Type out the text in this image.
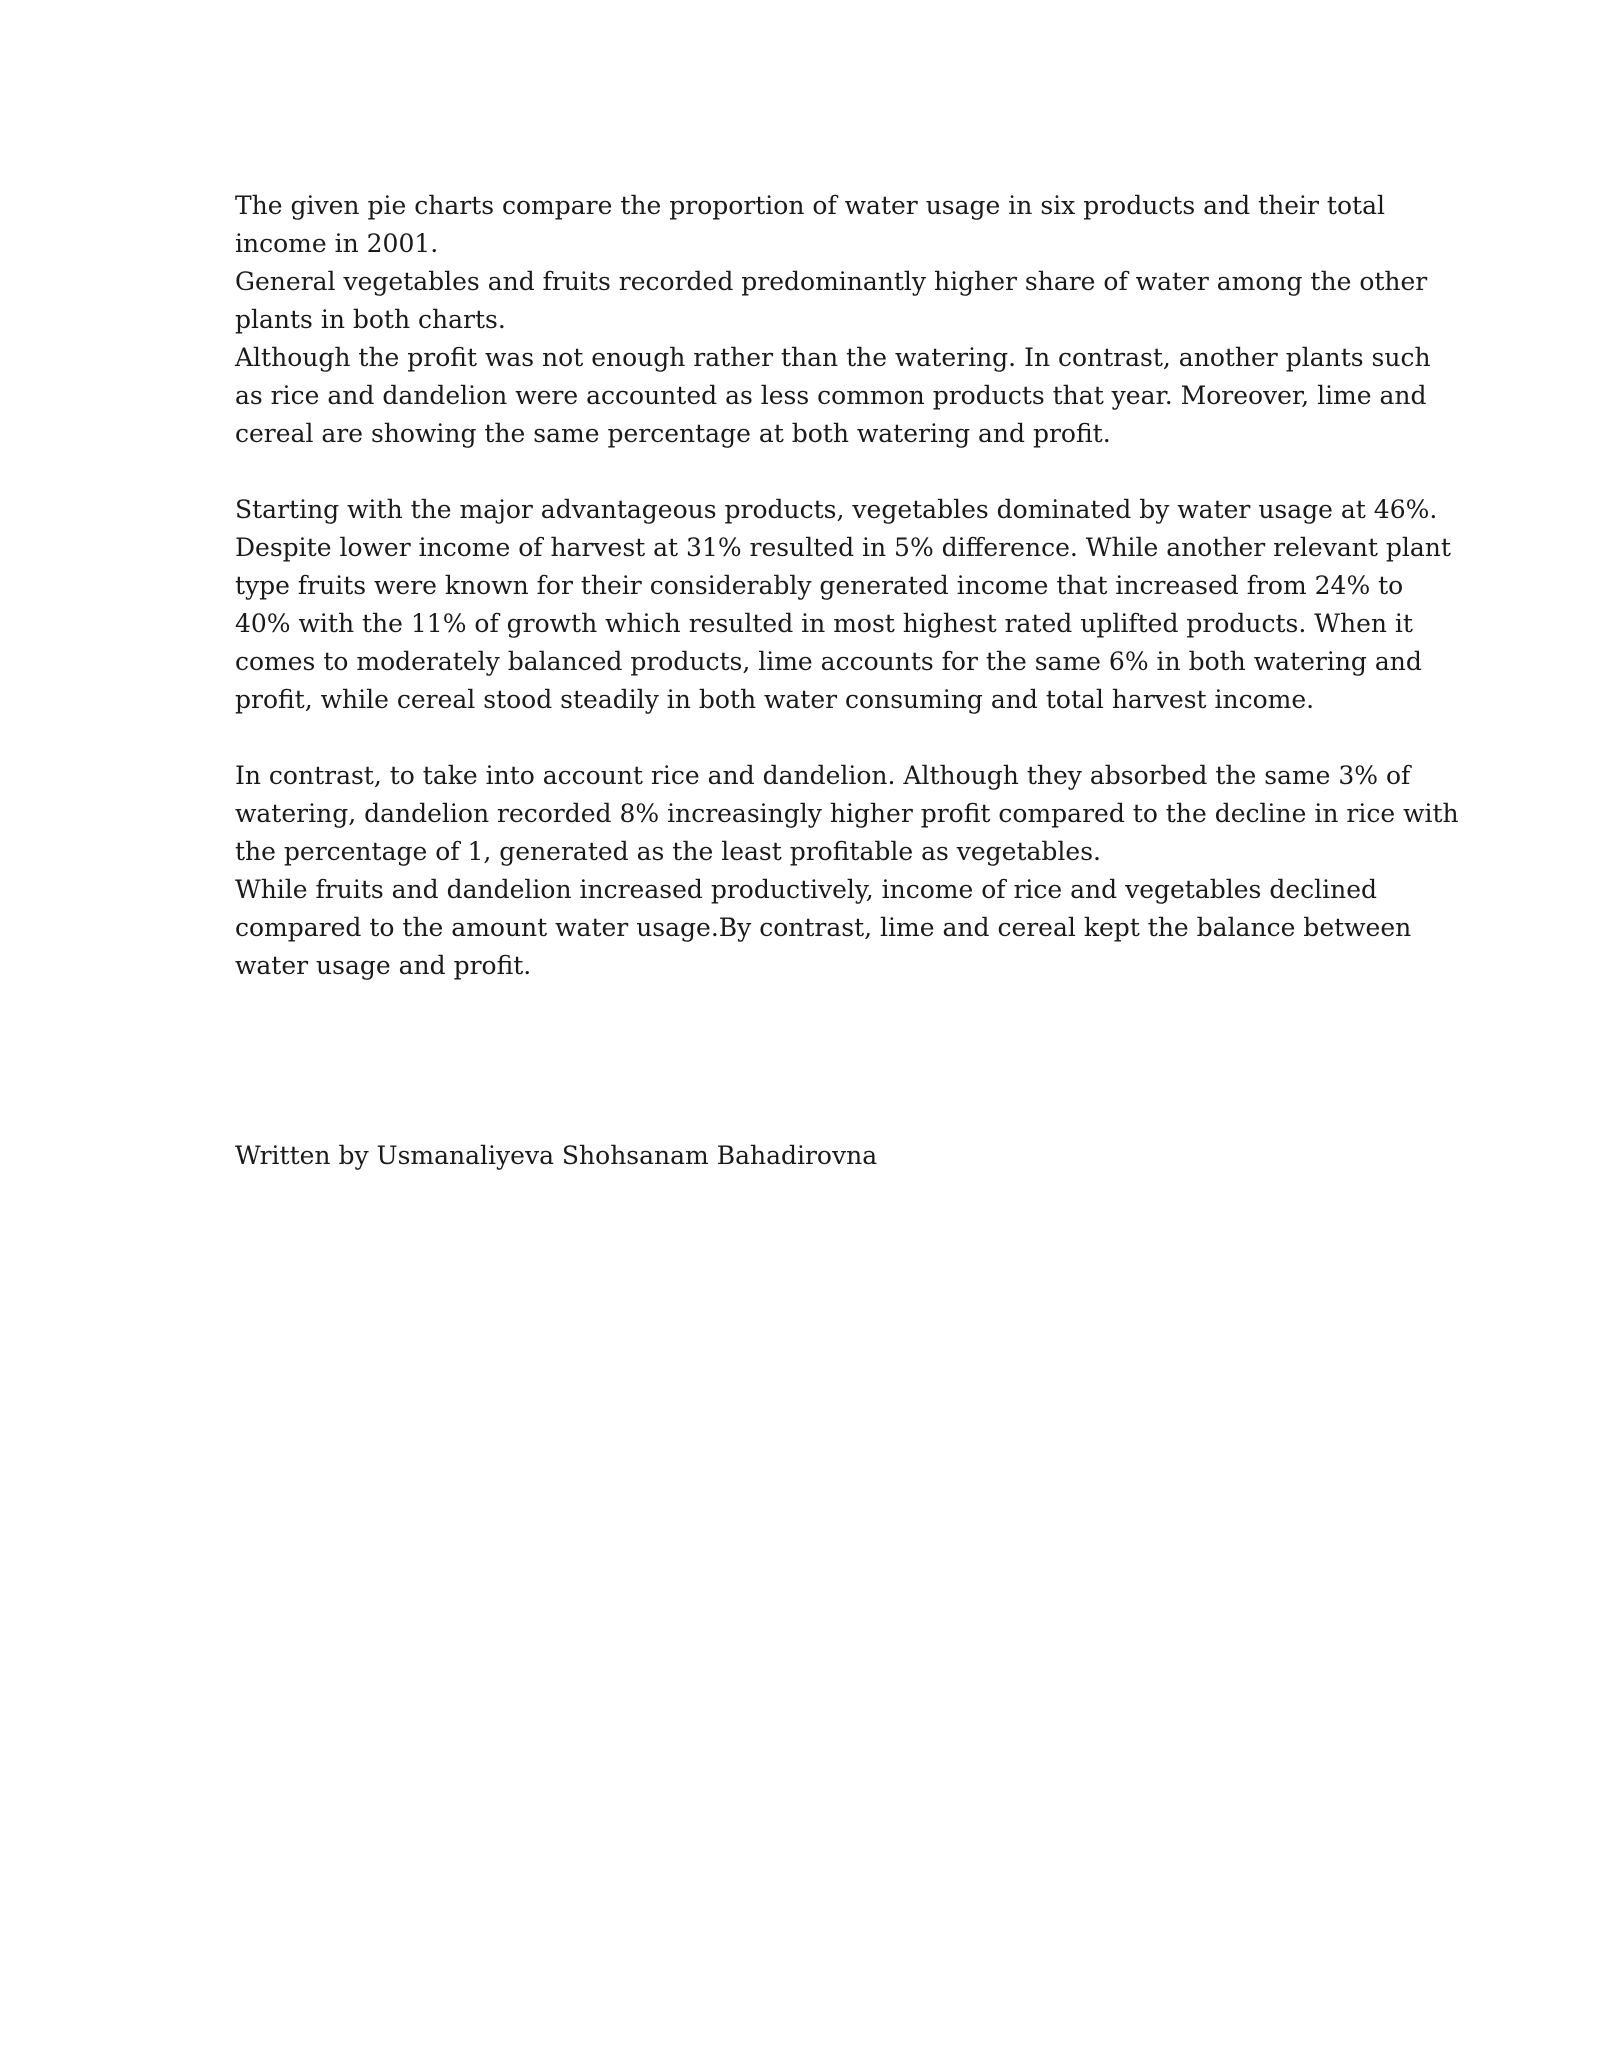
The given pie charts compare the proportion of water usage in six products and their total
income in 2001.
General vegetables and fruits recorded predominantly higher share of water among the other
plants in both charts.
Although the profit was not enough rather than the watering. In contrast, another plants such
as rice and dandelion were accounted as less common products that year. Moreover, lime and
cereal are showing the same percentage at both watering and profit.
Starting with the major advantageous products, vegetables dominated by water usage at 46%.
Despite lower income of harvest at 31% resulted in 5% difference. While another relevant plant
type fruits were known for their considerably generated income that increased from 24% to
40% with the 11% of growth which resulted in most highest rated uplifted products. When it
comes to moderately balanced products, lime accounts for the same 6% in both watering and
profit, while cereal stood steadily in both water consuming and total harvest income.
In contrast, to take into account rice and dandelion. Although they absorbed the same 3% of
watering, dandelion recorded 8% increasingly higher profit compared to the decline in rice with
the percentage of 1, generated as the least profitable as vegetables.
While fruits and dandelion increased productively, income of rice and vegetables declined
compared to the amount water usage.By contrast, lime and cereal kept the balance between
water usage and profit.
Written by Usmanaliyeva Shohsanam Bahadirovna
